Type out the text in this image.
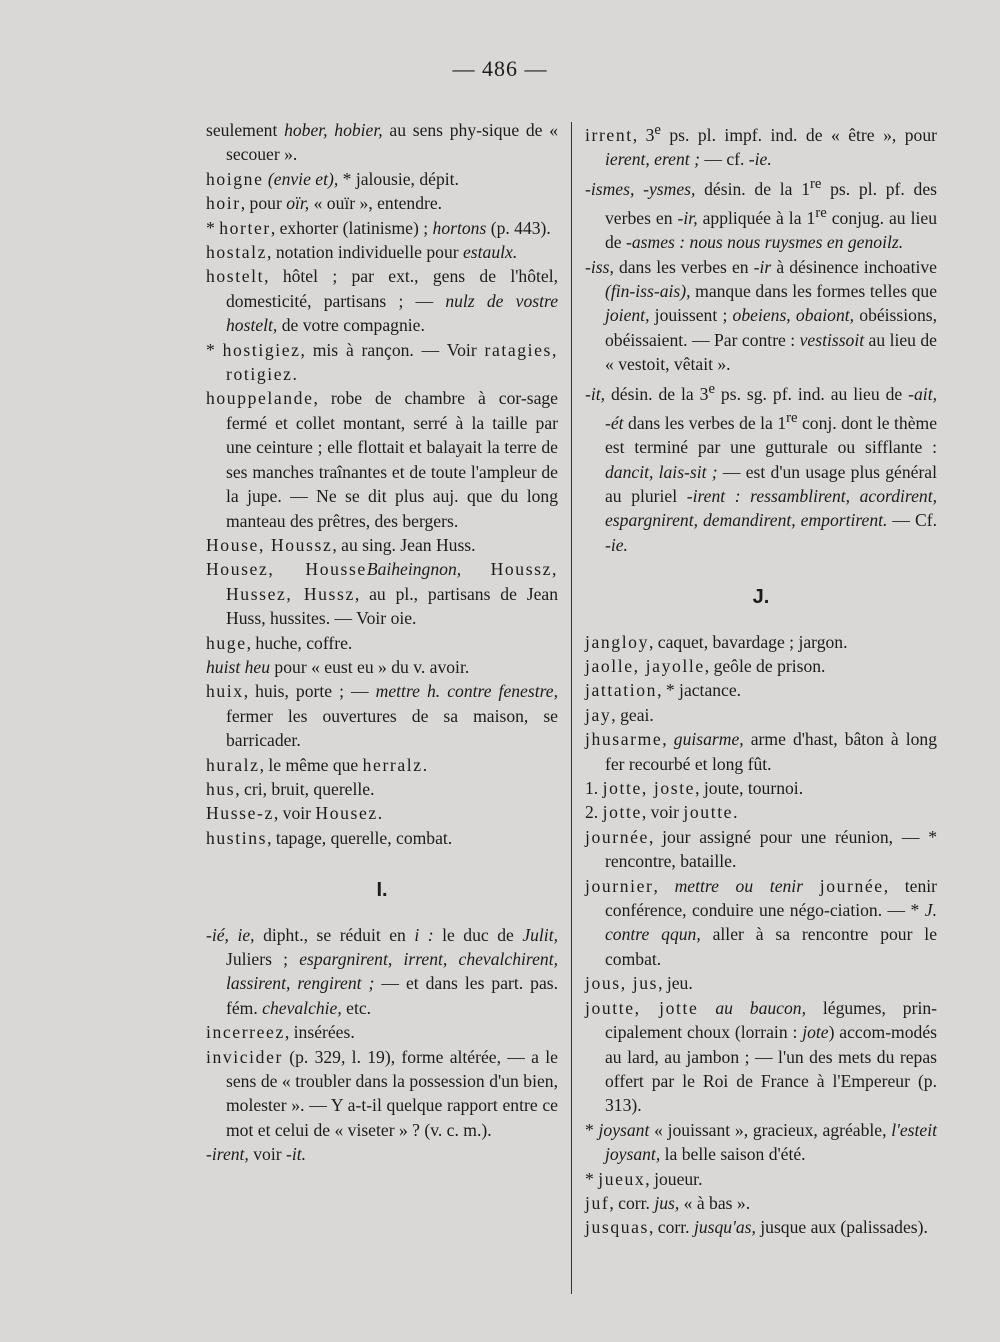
— 486 —

seulement hober, hobier, au sens phy-sique de « secouer ».

hoigne (envie et), * jalousie, dépit.

hoir, pour oïr, « ouïr », entendre.

* horter, exhorter (latinisme) ; hortons (p. 443).

hostalz, notation individuelle pour estaulx.

hostelt, hôtel ; par ext., gens de l'hôtel, domesticité, partisans ; — nulz de vostre hostelt, de votre compagnie.

* hostigiez, mis à rançon. — Voir ratagies, rotigiez.

houppelande, robe de chambre à cor-sage fermé et collet montant, serré à la taille par une ceinture ; elle flottait et balayait la terre de ses manches traînantes et de toute l'ampleur de la jupe. — Ne se dit plus auj. que du long manteau des prêtres, des bergers.

House, Houssz, au sing. Jean Huss.

Housez, HousseBaiheingnon, Houssz, Hussez, Hussz, au pl., partisans de Jean Huss, hussites. — Voir oie.

huge, huche, coffre.

huist heu pour « eust eu » du v. avoir.

huix, huis, porte ; — mettre h. contre fenestre, fermer les ouvertures de sa maison, se barricader.

huralz, le même que herralz.

hus, cri, bruit, querelle.

Husse-z, voir Housez.

hustins, tapage, querelle, combat.

I.

-ié, ie, dipht., se réduit en i : le duc de Julit, Juliers ; espargnirent, irrent, chevalchirent, lassirent, rengirent ; — et dans les part. pas. fém. chevalchie, etc.

incerreez, insérées.

invicider (p. 329, l. 19), forme altérée, — a le sens de « troubler dans la possession d'un bien, molester ». — Y a-t-il quelque rapport entre ce mot et celui de « viseter » ? (v. c. m.).

-irent, voir -it.

irrent, 3e ps. pl. impf. ind. de « être », pour ierent, erent ; — cf. -ie.

-ismes, -ysmes, désin. de la 1re ps. pl. pf. des verbes en -ir, appliquée à la 1re conjug. au lieu de -asmes : nous nous ruysmes en genoilz.

-iss, dans les verbes en -ir à désinence inchoative (fin-iss-ais), manque dans les formes telles que joient, jouissent ; obeiens, obaiont, obéissions, obéissaient. — Par contre : vestissoit au lieu de « vestoit, vêtait ».

-it, désin. de la 3e ps. sg. pf. ind. au lieu de -ait, -ét dans les verbes de la 1re conj. dont le thème est terminé par une gutturale ou sifflante : dancit, lais-sit ; — est d'un usage plus général au pluriel -irent : ressamblirent, acordirent, espargnirent, demandirent, emportirent. — Cf. -ie.

J.

jangloy, caquet, bavardage ; jargon.

jaolle, jayolle, geôle de prison.

jattation, * jactance.

jay, geai.

jhusarme, guisarme, arme d'hast, bâton à long fer recourbé et long fût.

1. jotte, joste, joute, tournoi.

2. jotte, voir joutte.

journée, jour assigné pour une réunion, — * rencontre, bataille.

journier, mettre ou tenir journée, tenir conférence, conduire une négo-ciation. — * J. contre qqun, aller à sa rencontre pour le combat.

jous, jus, jeu.

joutte, jotte au baucon, légumes, prin-cipalement choux (lorrain : jote) accom-modés au lard, au jambon ; — l'un des mets du repas offert par le Roi de France à l'Empereur (p. 313).

* joysant « jouissant », gracieux, agréable, l'esteit joysant, la belle saison d'été.

* jueux, joueur.

juf, corr. jus, « à bas ».

jusquas, corr. jusqu'as, jusque aux (palissades).
